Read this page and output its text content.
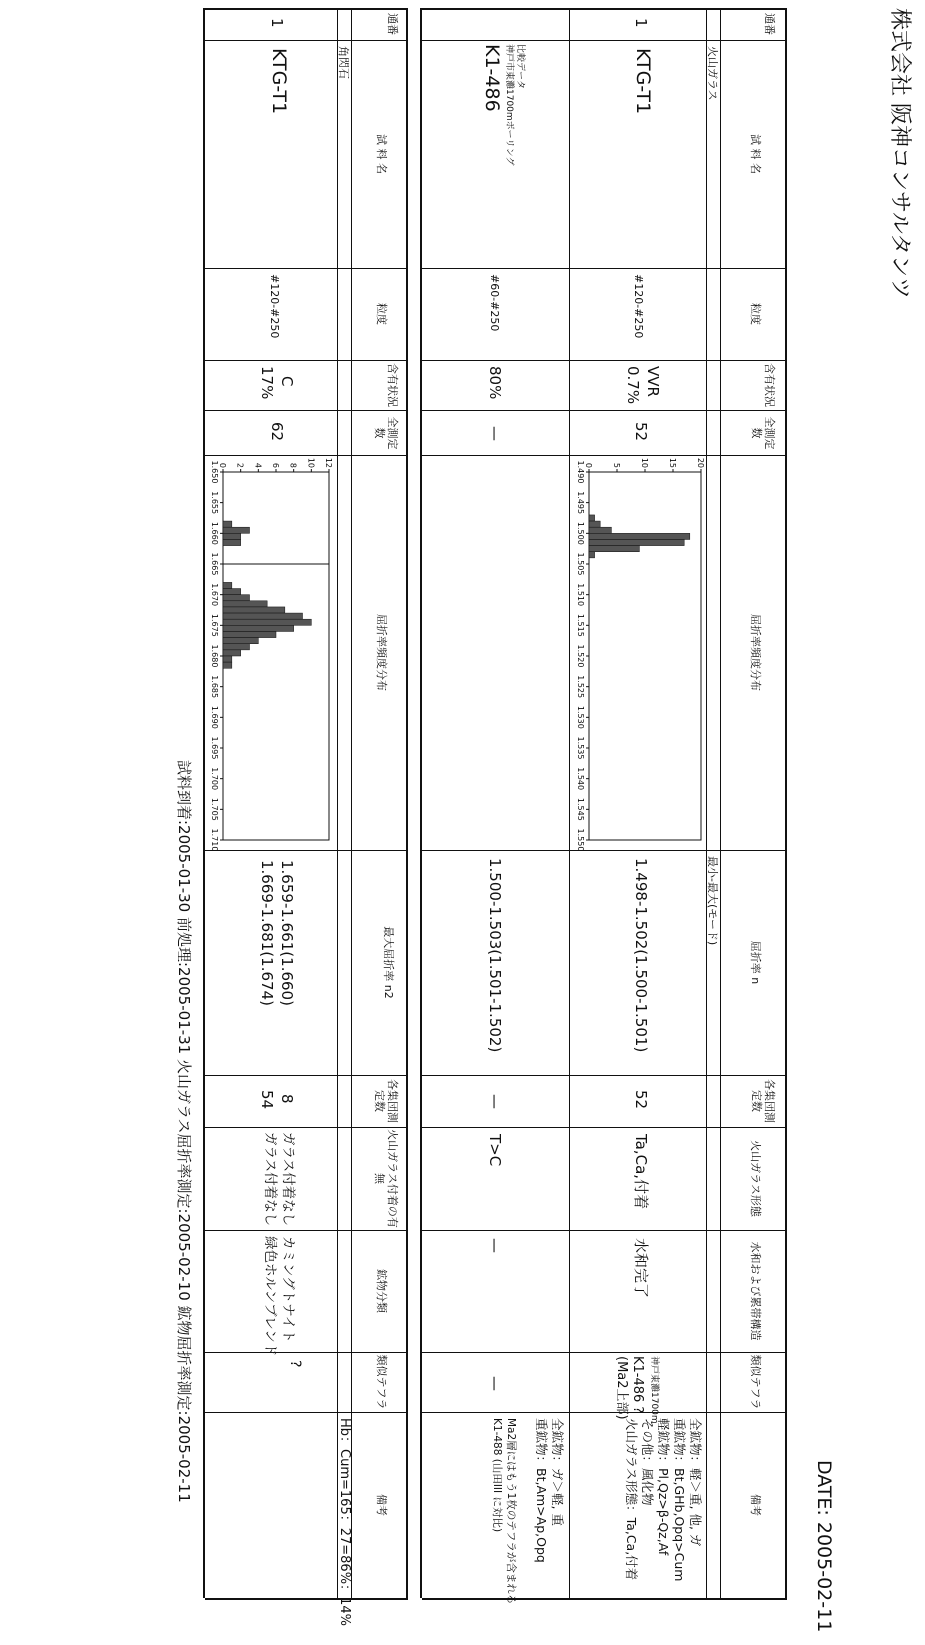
株式会社 阪神コンサルタンツ
DATE: 2005-02-11
通番
試 料 名
粒度
含有状況
全測定数
屈折率頻度分布
屈折率 n
各集団測定数
火山ガラス形態
水和および累帯構造
類似テフラ
備考
火山ガラス
最小-最大(モード)
1
KTG-T1
#120-#250
VVR
0.7%
52
1.498-1.502(1.500-1.501)
52
Ta,Ca,付着
水和完了
神戸東灘1700m
K1-486 ?
(Ma2上部)
全鉱物：軽＞重, 他, ガ
重鉱物：Bt,GHb,Opq>Cum
軽鉱物：Pl,Qz>β-Qz,Af
その他：風化物
火山ガラス形態：Ta,Ca,付着
1.490
1.495
1.500
1.505
1.510
1.515
1.520
1.525
1.530
1.535
1.540
1.545
1.550
0 5 10 15 20
比較データ
神戸市東灘1700mボーリング
K1-486
#60-#250
80%
—
1.500-1.503(1.501-1.502)
—
T>C
—
—
全鉱物：ガ＞軽, 重
重鉱物：Bt,Am>Ap,Opq
Ma2層にはもう1枚のテフラが含まれる
K1-488 (山田III に対比)
通番
試 料 名
粒度
含有状況
全測定数
屈折率頻度分布
最大屈折率 n2
各集団測定数
火山ガラス付着の有無
鉱物分類
類似テフラ
備考
角閃石
Hb：Cum=165：27=86%：14%
1
KTG-T1
#120-#250
C
17%
62
1.659-1.661(1.660)
1.669-1.681(1.674)
8
54
ガラス付着なし
ガラス付着なし
カミングトナイト
緑色ホルンブレンド
?
1.650
1.655
1.660
1.665
1.670
1.675
1.680
1.685
1.690
1.695
1.700
1.705
1.710
0 2 4 6 8 10 12
試料到着:2005-01-30 前処理:2005-01-31 火山ガラス屈折率測定:2005-02-10 鉱物屈折率測定:2005-02-11
